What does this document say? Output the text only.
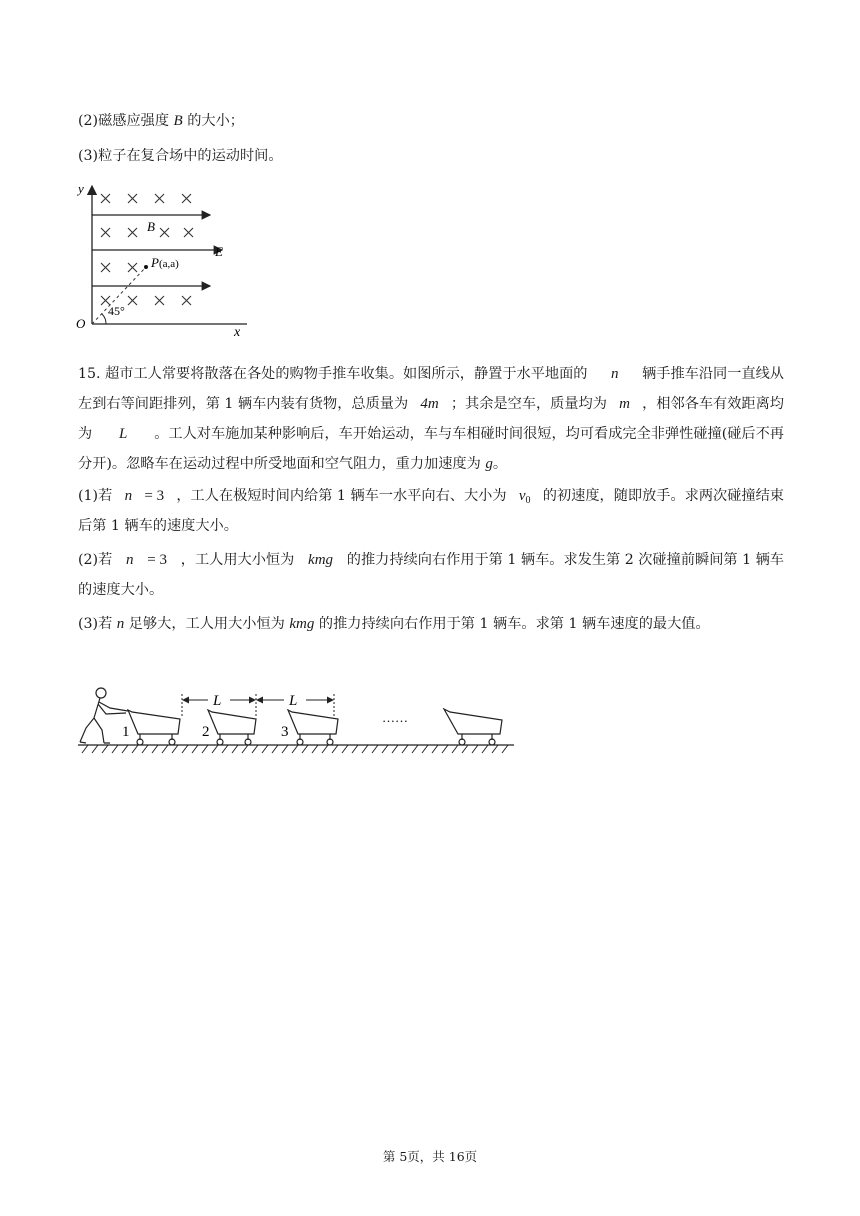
(2)磁感应强度 B 的大小；
(3)粒子在复合场中的运动时间。
y
x
O
B
E
P(a,a)
45°
15. 超市工人常要将散落在各处的购物手推车收集。如图所示，静置于水平地面的 n 辆手推车沿同一直线从
左到右等间距排列，第 1 辆车内装有货物，总质量为 4m ；其余是空车，质量均为 m ，相邻各车有效距离均
为 L 。工人对车施加某种影响后，车开始运动，车与车相碰时间很短，均可看成完全非弹性碰撞(碰后不再
分开)。忽略车在运动过程中所受地面和空气阻力，重力加速度为 g。
(1)若 n = 3 ，工人在极短时间内给第 1 辆车一水平向右、大小为 $v_0$ 的初速度，随即放手。求两次碰撞结束
后第 1 辆车的速度大小。
(2)若 n = 3 ，工人用大小恒为 kmg 的推力持续向右作用于第 1 辆车。求发生第 2 次碰撞前瞬间第 1 辆车
的速度大小。
(3)若 n 足够大，工人用大小恒为 kmg 的推力持续向右作用于第 1 辆车。求第 1 辆车速度的最大值。
1
L
2
L
3
……
第 5页，共 16页
